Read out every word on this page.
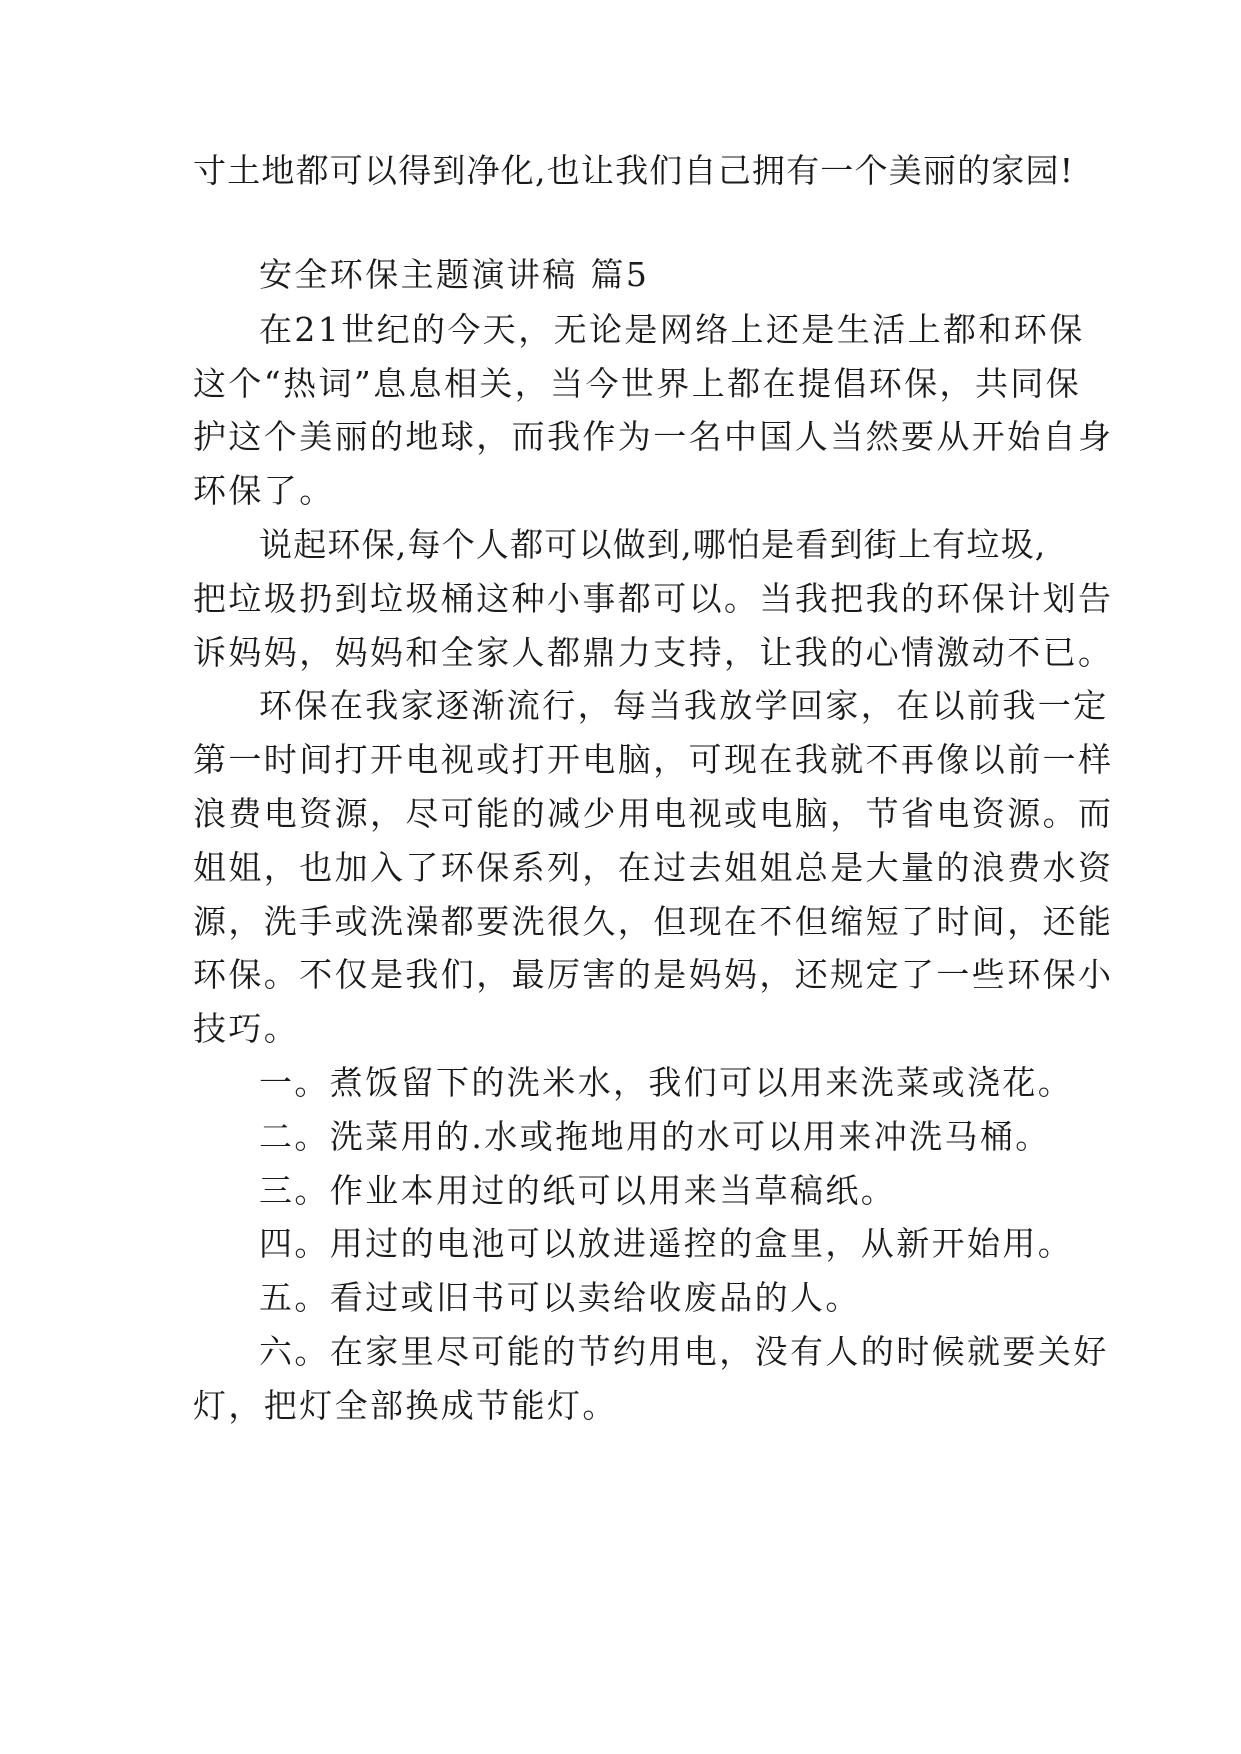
寸土地都可以得到净化,也让我们自己拥有一个美丽的家园!
安全环保主题演讲稿 篇5
在21世纪的今天，无论是网络上还是生活上都和环保
这个“热词”息息相关，当今世界上都在提倡环保，共同保
护这个美丽的地球，而我作为一名中国人当然要从开始自身
环保了。
说起环保,每个人都可以做到,哪怕是看到街上有垃圾,
把垃圾扔到垃圾桶这种小事都可以。当我把我的环保计划告
诉妈妈，妈妈和全家人都鼎力支持，让我的心情激动不已。
环保在我家逐渐流行，每当我放学回家，在以前我一定
第一时间打开电视或打开电脑，可现在我就不再像以前一样
浪费电资源，尽可能的减少用电视或电脑，节省电资源。而
姐姐，也加入了环保系列，在过去姐姐总是大量的浪费水资
源，洗手或洗澡都要洗很久，但现在不但缩短了时间，还能
环保。不仅是我们，最厉害的是妈妈，还规定了一些环保小
技巧。
一。煮饭留下的洗米水，我们可以用来洗菜或浇花。
二。洗菜用的.水或拖地用的水可以用来冲洗马桶。
三。作业本用过的纸可以用来当草稿纸。
四。用过的电池可以放进遥控的盒里，从新开始用。
五。看过或旧书可以卖给收废品的人。
六。在家里尽可能的节约用电，没有人的时候就要关好
灯，把灯全部换成节能灯。
